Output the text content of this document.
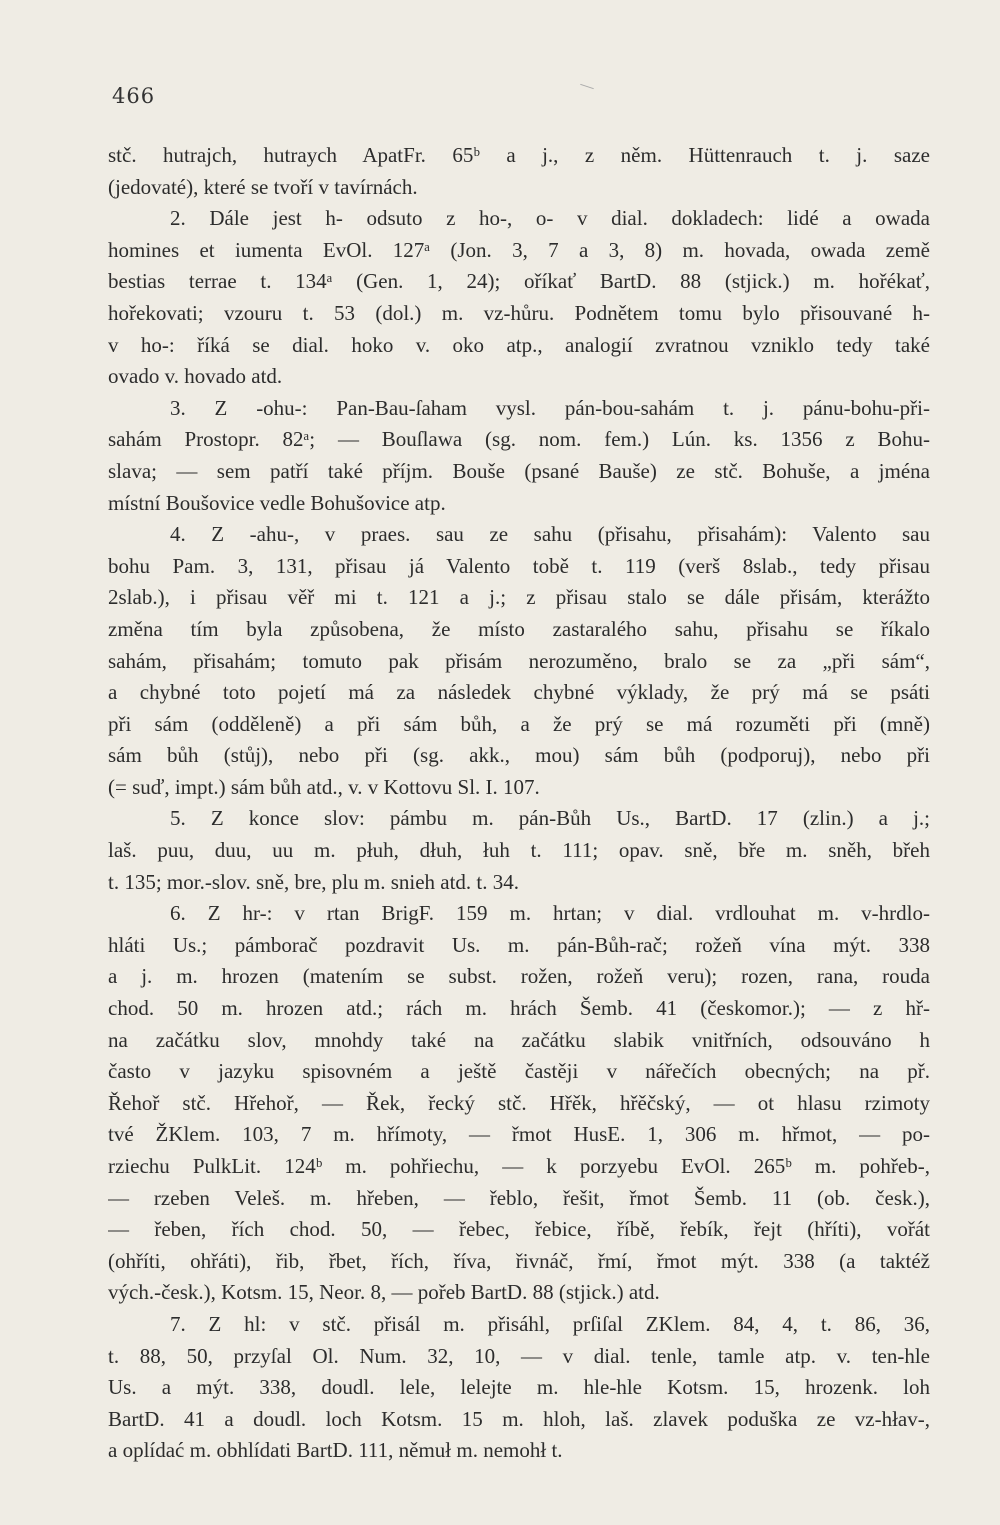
466
stč. hutrajch, hutraych ApatFr. 65ᵇ a j., z něm. Hüttenrauch t. j. saze
(jedovaté), které se tvoří v tavírnách.
2. Dále jest h- odsuto z ho-, o- v dial. dokladech: lidé a owada
homines et iumenta EvOl. 127ᵃ (Jon. 3, 7 a 3, 8) m. hovada, owada země
bestias terrae t. 134ᵃ (Gen. 1, 24); oříkať BartD. 88 (stjick.) m. hořékať,
hořekovati; vzouru t. 53 (dol.) m. vz-hůru. Podnětem tomu bylo přisouvané h-
v ho-: říká se dial. hoko v. oko atp., analogií zvratnou vzniklo tedy také
ovado v. hovado atd.
3. Z -ohu-: Pan-Bau-ſaham vysl. pán-bou-sahám t. j. pánu-bohu-při-
sahám Prostopr. 82ᵃ; — Bouſlawa (sg. nom. fem.) Lún. ks. 1356 z Bohu-
slava; — sem patří také příjm. Bouše (psané Bauše) ze stč. Bohuše, a jména
místní Boušovice vedle Bohušovice atp.
4. Z -ahu-, v praes. sau ze sahu (přisahu, přisahám): Valento sau
bohu Pam. 3, 131, přisau já Valento tobě t. 119 (verš 8slab., tedy přisau
2slab.), i přisau věř mi t. 121 a j.; z přisau stalo se dále přisám, kterážto
změna tím byla způsobena, že místo zastaralého sahu, přisahu se říkalo
sahám, přisahám; tomuto pak přisám nerozuměno, bralo se za „při sám“,
a chybné toto pojetí má za následek chybné výklady, že prý má se psáti
při sám (odděleně) a při sám bůh, a že prý se má rozuměti při (mně)
sám bůh (stůj), nebo při (sg. akk., mou) sám bůh (podporuj), nebo při
(= suď, impt.) sám bůh atd., v. v Kottovu Sl. I. 107.
5. Z konce slov: pámbu m. pán-Bůh Us., BartD. 17 (zlin.) a j.;
laš. puu, duu, uu m. płuh, dłuh, łuh t. 111; opav. sně, bře m. sněh, břeh
t. 135; mor.-slov. sně, bre, plu m. snieh atd. t. 34.
6. Z hr-: v rtan BrigF. 159 m. hrtan; v dial. vrdlouhat m. v-hrdlo-
hláti Us.; pámborač pozdravit Us. m. pán-Bůh-rač; rožeň vína mýt. 338
a j. m. hrozen (matením se subst. rožen, rožeň veru); rozen, rana, rouda
chod. 50 m. hrozen atd.; rách m. hrách Šemb. 41 (českomor.); — z hř-
na začátku slov, mnohdy také na začátku slabik vnitřních, odsouváno h
často v jazyku spisovném a ještě častěji v nářečích obecných; na př.
Řehoř stč. Hřehoř, — Řek, řecký stč. Hřěk, hřěčský, — ot hlasu rzimoty
tvé ŽKlem. 103, 7 m. hřímoty, — řmot HusE. 1, 306 m. hřmot, — po-
rziechu PulkLit. 124ᵇ m. pohřiechu, — k porzyebu EvOl. 265ᵇ m. pohřeb-,
— rzeben Veleš. m. hřeben, — řeblo, řešit, řmot Šemb. 11 (ob. česk.),
— řeben, řích chod. 50, — řebec, řebice, říbě, řebík, řejt (hříti), vořát
(ohříti, ohřáti), řib, řbet, řích, říva, řivnáč, řmí, řmot mýt. 338 (a taktéž
vých.-česk.), Kotsm. 15, Neor. 8, — pořeb BartD. 88 (stjick.) atd.
7. Z hl: v stč. přisál m. přisáhl, prſiſal ZKlem. 84, 4, t. 86, 36,
t. 88, 50, przyſal Ol. Num. 32, 10, — v dial. tenle, tamle atp. v. ten-hle
Us. a mýt. 338, doudl. lele, lelejte m. hle-hle Kotsm. 15, hrozenk. loh
BartD. 41 a doudl. loch Kotsm. 15 m. hloh, laš. zlavek poduška ze vz-hłav-,
a oplídać m. obhlídati BartD. 111, němuł m. nemohł t.
